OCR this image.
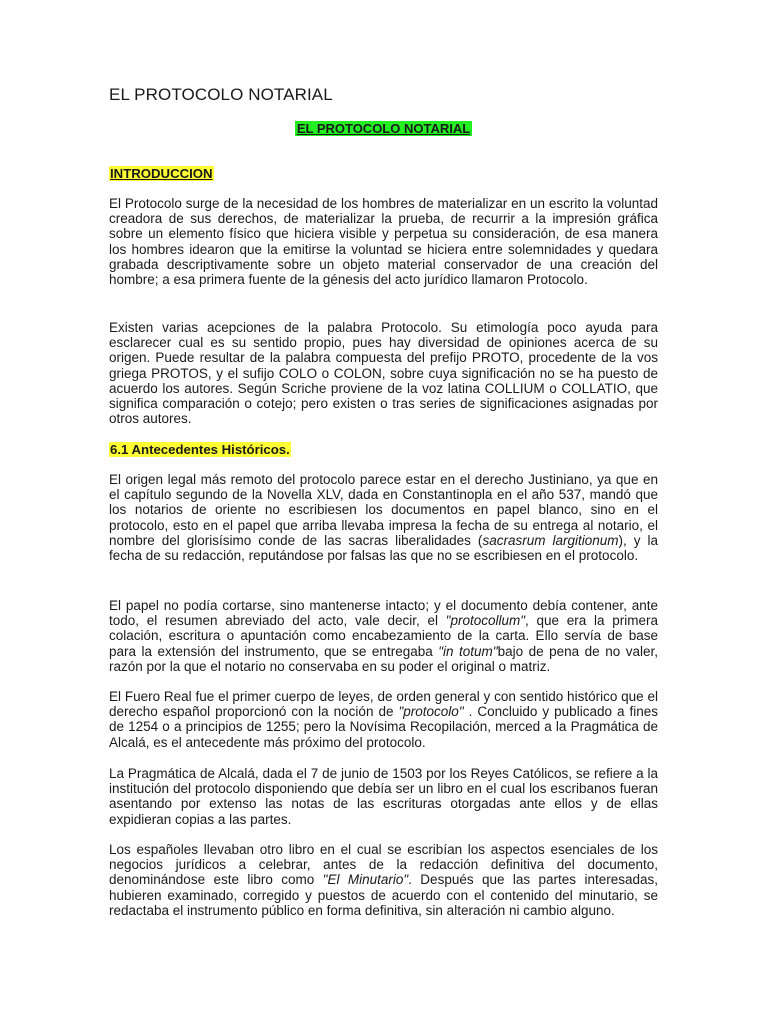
EL PROTOCOLO NOTARIAL
EL PROTOCOLO NOTARIAL
INTRODUCCION

El Protocolo surge de la necesidad de los hombres de materializar en un escrito la voluntad creadora de sus derechos, de materializar la prueba, de recurrir a la impresión gráfica sobre un elemento físico que hiciera visible y perpetua su consideración, de esa manera los hombres idearon que la emitirse la voluntad se hiciera entre solemnidades y quedara grabada descriptivamente sobre un objeto material conservador de una creación del hombre; a esa primera fuente de la génesis del acto jurídico llamaron Protocolo.

Existen varias acepciones de la palabra Protocolo. Su etimología poco ayuda para esclarecer cual es su sentido propio, pues hay diversidad de opiniones acerca de su origen. Puede resultar de la palabra compuesta del prefijo PROTO, procedente de la vos griega PROTOS, y el sufijo COLO o COLON, sobre cuya significación no se ha puesto de acuerdo los autores. Según Scriche proviene de la voz latina COLLIUM o COLLATIO, que significa comparación o cotejo; pero existen o tras series de significaciones asignadas por otros autores.

6.1 Antecedentes Históricos.

El origen legal más remoto del protocolo parece estar en el derecho Justiniano, ya que en el capítulo segundo de la Novella XLV, dada en Constantinopla en el año 537, mandó que los notarios de oriente no escribiesen los documentos en papel blanco, sino en el protocolo, esto en el papel que arriba llevaba impresa la fecha de su entrega al notario, el nombre del glorisísimo conde de las sacras liberalidades (sacrasrum largitionum), y la fecha de su redacción, reputándose por falsas las que no se escribiesen en el protocolo.

El papel no podía cortarse, sino mantenerse intacto; y el documento debía contener, ante todo, el resumen abreviado del acto, vale decir, el "protocollum", que era la primera colación, escritura o apuntación como encabezamiento de la carta. Ello servía de base para la extensión del instrumento, que se entregaba "in totum"bajo de pena de no valer, razón por la que el notario no conservaba en su poder el original o matriz.

El Fuero Real fue el primer cuerpo de leyes, de orden general y con sentido histórico que el derecho español proporcionó con la noción de "protocolo" . Concluido y publicado a fines de 1254 o a principios de 1255; pero la Novísima Recopilación, merced a la Pragmática de Alcalá, es el antecedente más próximo del protocolo.

La Pragmática de Alcalá, dada el 7 de junio de 1503 por los Reyes Católicos, se refiere a la institución del protocolo disponiendo que debía ser un libro en el cual los escribanos fueran asentando por extenso las notas de las escrituras otorgadas ante ellos y de ellas expidieran copias a las partes.

Los españoles llevaban otro libro en el cual se escribían los aspectos esenciales de los negocios jurídicos a celebrar, antes de la redacción definitiva del documento, denominándose este libro como "El Minutario". Después que las partes interesadas, hubieren examinado, corregido y puestos de acuerdo con el contenido del minutario, se redactaba el instrumento público en forma definitiva, sin alteración ni cambio alguno.
